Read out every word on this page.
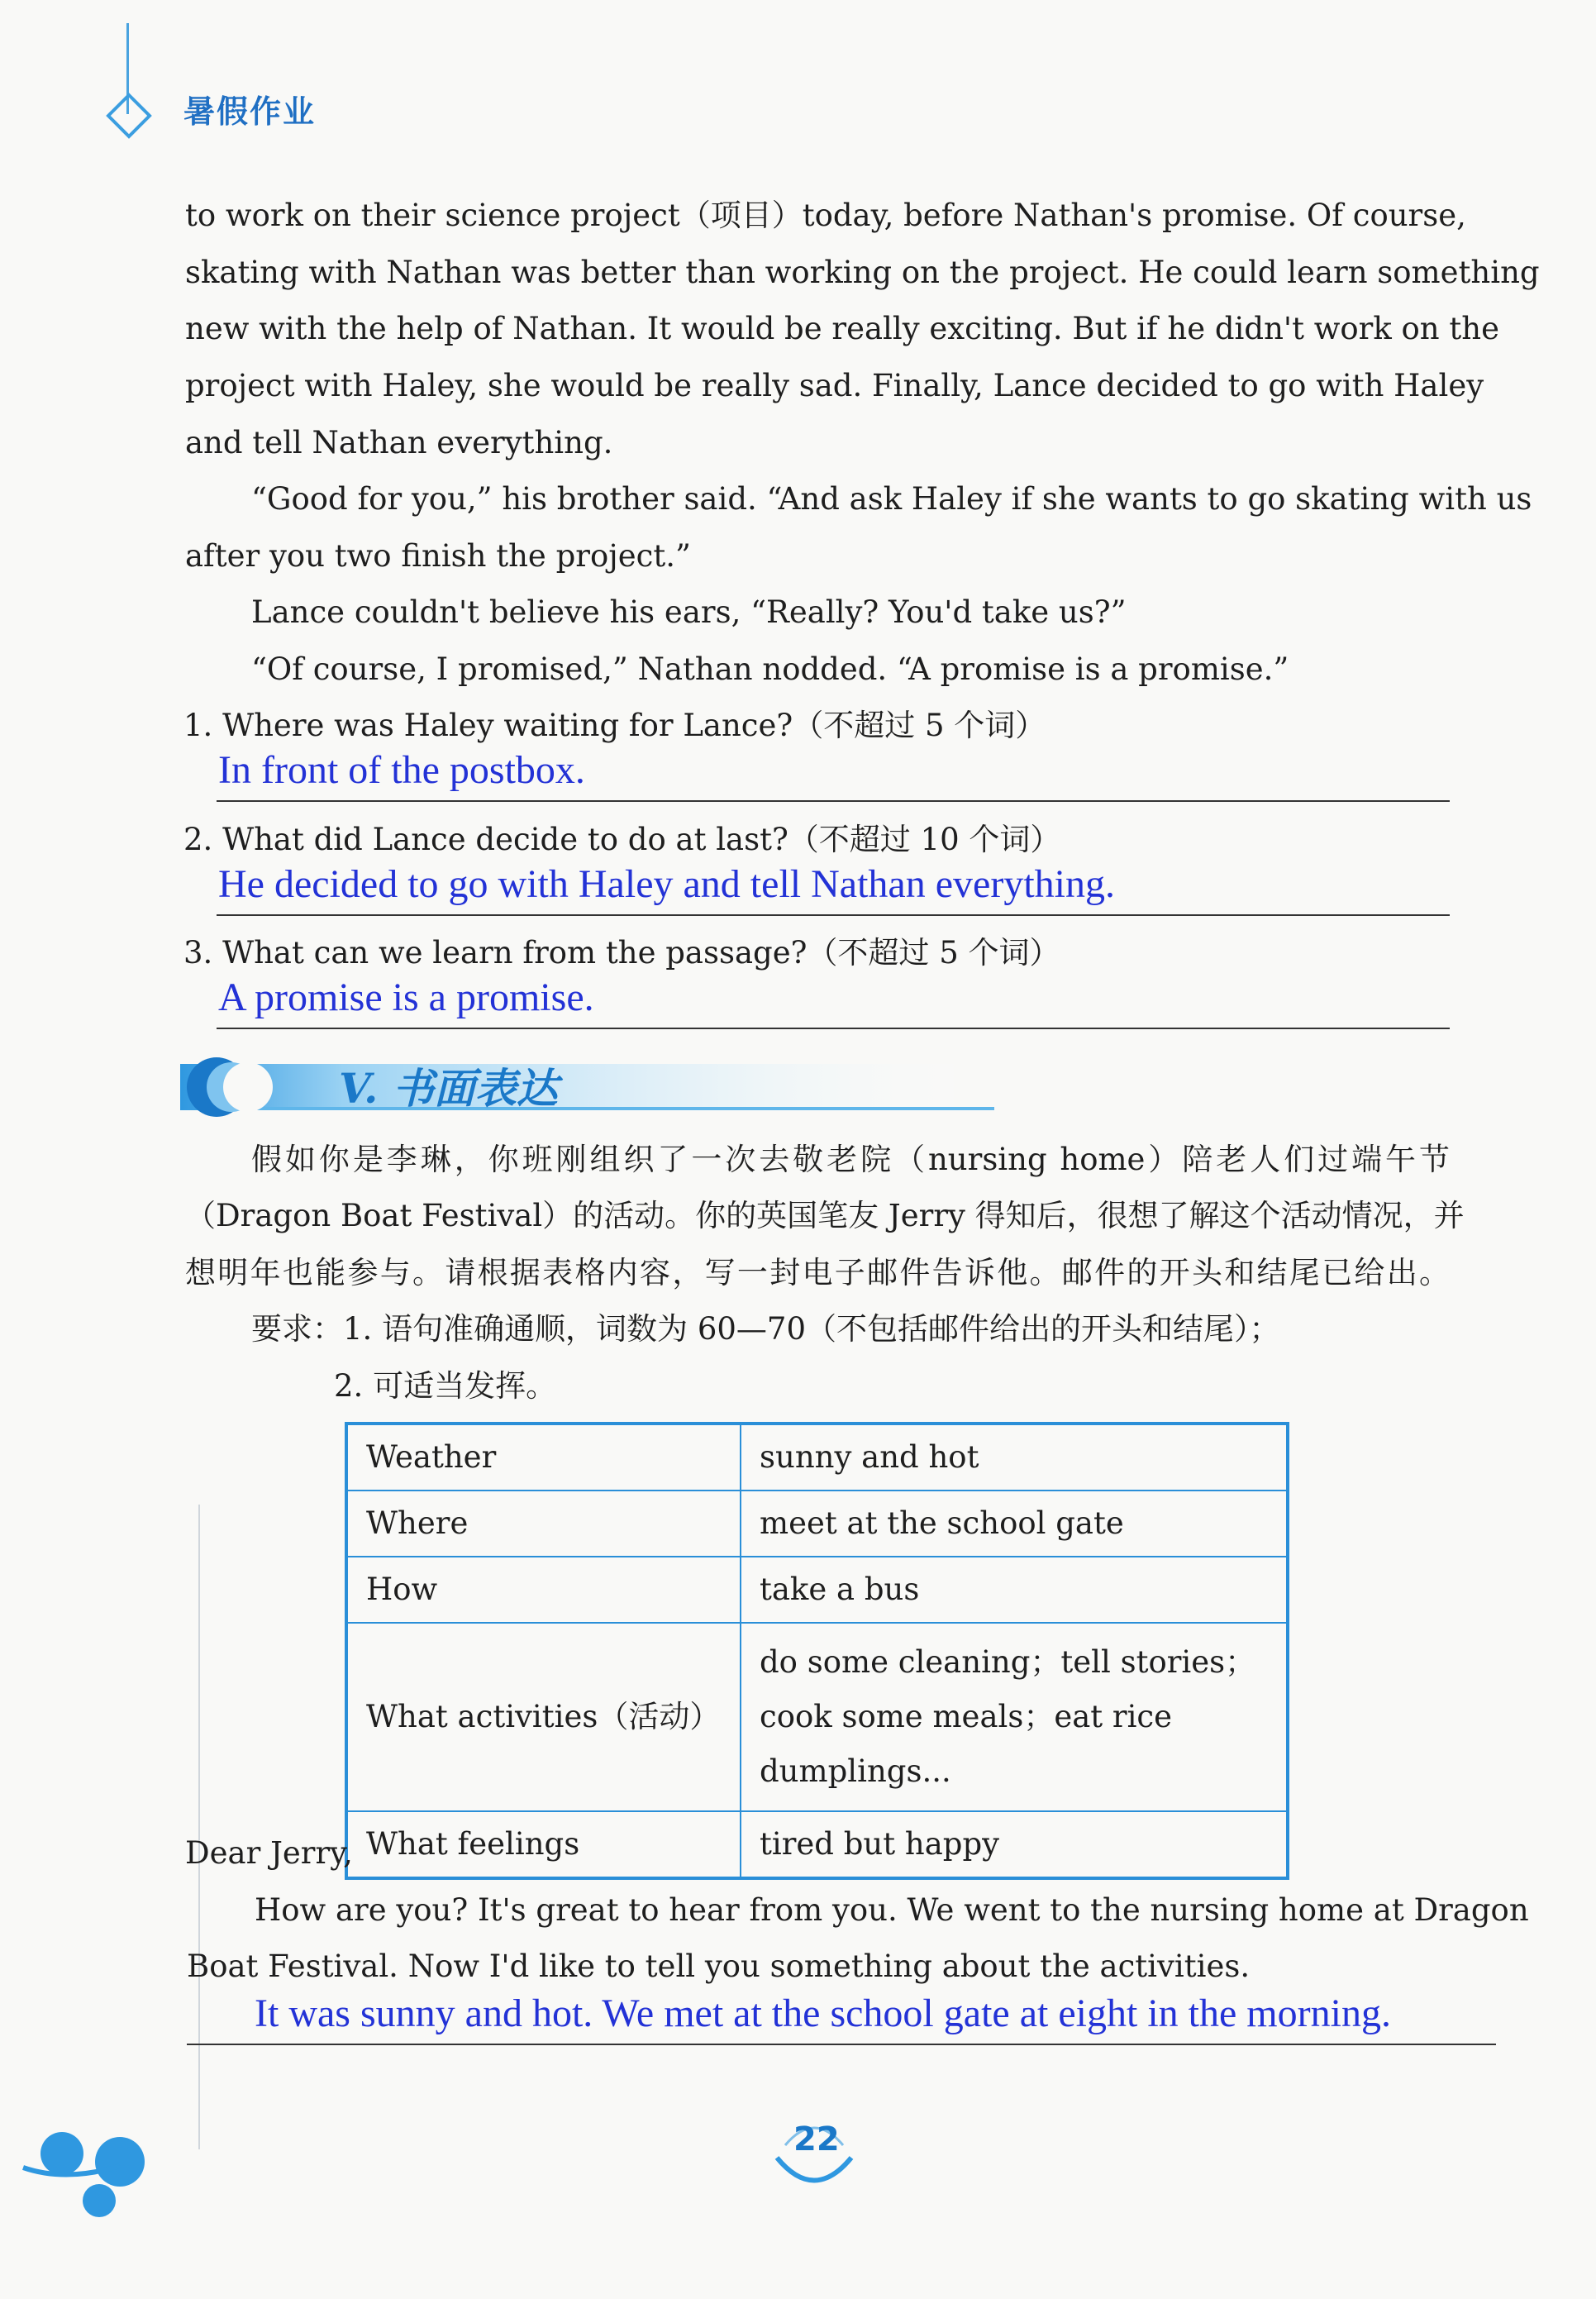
暑假作业
to work on their science project（项目）today, before Nathan's promise. Of course,
skating with Nathan was better than working on the project. He could learn something
new with the help of Nathan. It would be really exciting. But if he didn't work on the
project with Haley, she would be really sad. Finally, Lance decided to go with Haley
and tell Nathan everything.
“Good for you,” his brother said. “And ask Haley if she wants to go skating with us
after you two finish the project.”
Lance couldn't believe his ears, “Really? You'd take us?”
“Of course, I promised,” Nathan nodded. “A promise is a promise.”
1. Where was Haley waiting for Lance?（不超过 5 个词）
In front of the postbox.
2. What did Lance decide to do at last?（不超过 10 个词）
He decided to go with Haley and tell Nathan everything.
3. What can we learn from the passage?（不超过 5 个词）
A promise is a promise.
V. 书面表达
假如你是李琳，你班刚组织了一次去敬老院（nursing home）陪老人们过端午节
（Dragon Boat Festival）的活动。你的英国笔友 Jerry 得知后，很想了解这个活动情况，并
想明年也能参与。请根据表格内容，写一封电子邮件告诉他。邮件的开头和结尾已给出。
要求：1. 语句准确通顺，词数为 60—70（不包括邮件给出的开头和结尾）；
2. 可适当发挥。
Weather	sunny and hot
Where	meet at the school gate
How	take a bus
What activities（活动）	do some cleaning；tell stories；cook some meals；eat rice dumplings...
What feelings	tired but happy
Dear Jerry,
How are you? It's great to hear from you. We went to the nursing home at Dragon
Boat Festival. Now I'd like to tell you something about the activities.
It was sunny and hot. We met at the school gate at eight in the morning.
22
